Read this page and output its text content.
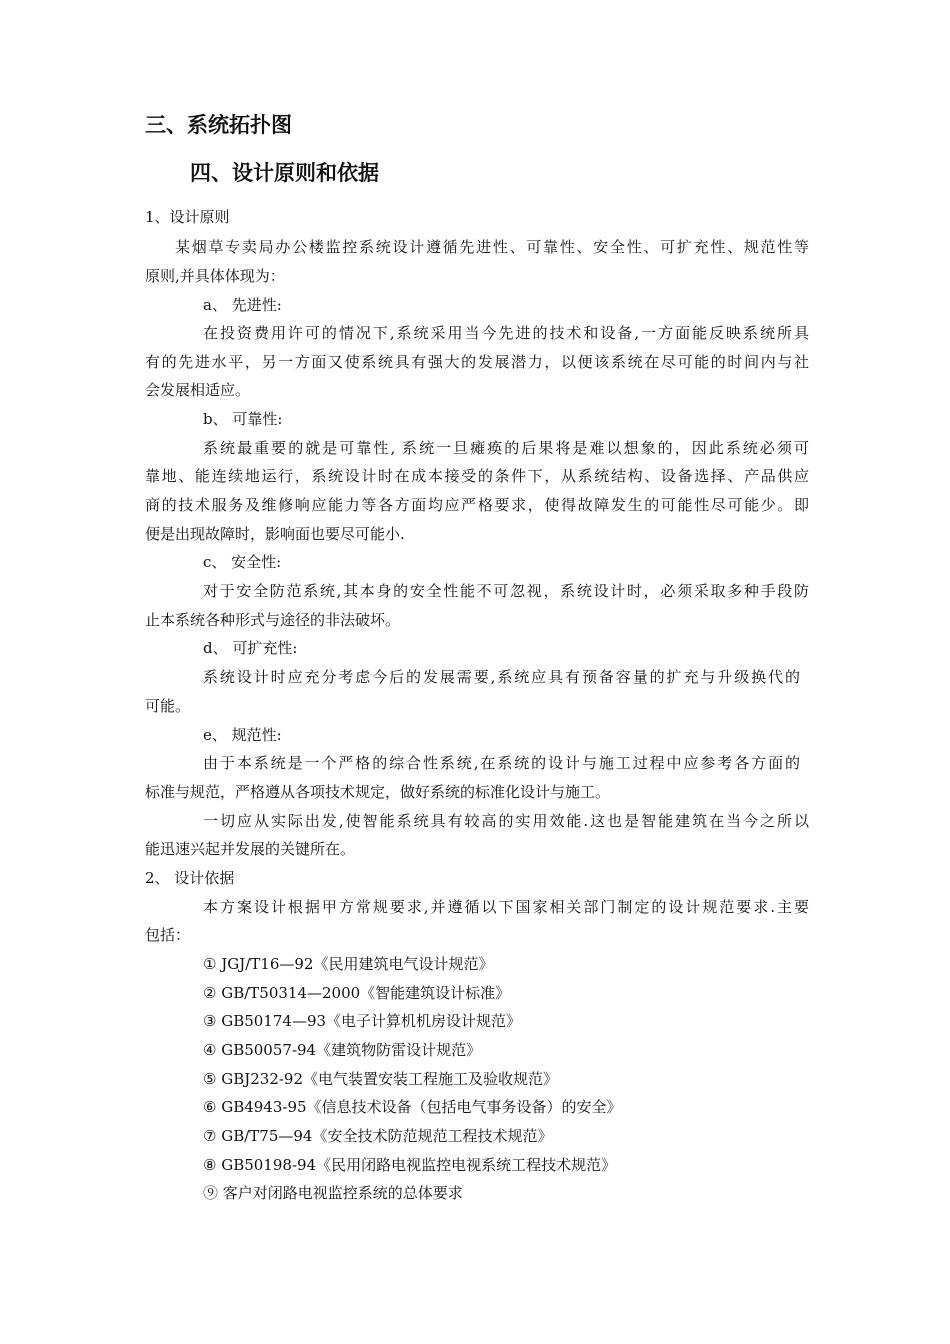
三、系统拓扑图
四、设计原则和依据
1、设计原则
某烟草专卖局办公楼监控系统设计遵循先进性、可靠性、安全性、可扩充性、规范性等
原则,并具体体现为：
a、 先进性:
在投资费用许可的情况下,系统采用当今先进的技术和设备,一方面能反映系统所具
有的先进水平，另一方面又使系统具有强大的发展潜力，以便该系统在尽可能的时间内与社
会发展相适应。
b、 可靠性:
系统最重要的就是可靠性, 系统一旦瘫痪的后果将是难以想象的，因此系统必须可
靠地、能连续地运行，系统设计时在成本接受的条件下，从系统结构、设备选择、产品供应
商的技术服务及维修响应能力等各方面均应严格要求，使得故障发生的可能性尽可能少。即
便是出现故障时，影响面也要尽可能小.
c、 安全性:
对于安全防范系统,其本身的安全性能不可忽视，系统设计时，必须采取多种手段防
止本系统各种形式与途径的非法破坏。
d、 可扩充性:
系统设计时应充分考虑今后的发展需要,系统应具有预备容量的扩充与升级换代的
可能。
e、 规范性:
由于本系统是一个严格的综合性系统,在系统的设计与施工过程中应参考各方面的
标准与规范，严格遵从各项技术规定，做好系统的标准化设计与施工。
一切应从实际出发,使智能系统具有较高的实用效能.这也是智能建筑在当今之所以
能迅速兴起并发展的关键所在。
2、 设计依据
本方案设计根据甲方常规要求,并遵循以下国家相关部门制定的设计规范要求.主要
包括：
① JGJ/T16—92《民用建筑电气设计规范》
② GB/T50314—2000《智能建筑设计标准》
③ GB50174—93《电子计算机机房设计规范》
④ GB50057-94《建筑物防雷设计规范》
⑤ GBJ232-92《电气装置安装工程施工及验收规范》
⑥ GB4943-95《信息技术设备（包括电气事务设备）的安全》
⑦ GB/T75—94《安全技术防范规范工程技术规范》
⑧ GB50198-94《民用闭路电视监控电视系统工程技术规范》
⑨ 客户对闭路电视监控系统的总体要求
